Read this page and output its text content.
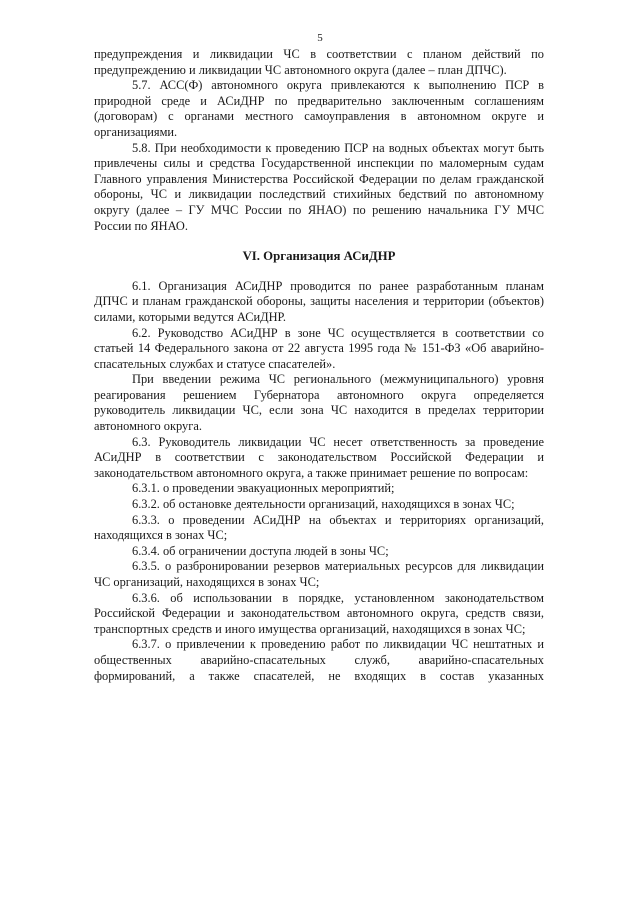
5

предупреждения и ликвидации ЧС в соответствии с планом действий по предупреждению и ликвидации ЧС автономного округа (далее – план ДПЧС).

5.7. АСС(Ф) автономного округа привлекаются к выполнению ПСР в природной среде и АСиДНР по предварительно заключенным соглашениям (договорам) с органами местного самоуправления в автономном округе и организациями.

5.8. При необходимости к проведению ПСР на водных объектах могут быть привлечены силы и средства Государственной инспекции по маломерным судам Главного управления Министерства Российской Федерации по делам гражданской обороны, ЧС и ликвидации последствий стихийных бедствий по автономному округу (далее – ГУ МЧС России по ЯНАО) по решению начальника ГУ МЧС России по ЯНАО.

VI. Организация АСиДНР

6.1. Организация АСиДНР проводится по ранее разработанным планам ДПЧС и планам гражданской обороны, защиты населения и территории (объектов) силами, которыми ведутся АСиДНР.

6.2. Руководство АСиДНР в зоне ЧС осуществляется в соответствии со статьей 14 Федерального закона от 22 августа 1995 года № 151-ФЗ «Об аварийно-спасательных службах и статусе спасателей».

При введении режима ЧС регионального (межмуниципального) уровня реагирования решением Губернатора автономного округа определяется руководитель ликвидации ЧС, если зона ЧС находится в пределах территории автономного округа.

6.3. Руководитель ликвидации ЧС несет ответственность за проведение АСиДНР в соответствии с законодательством Российской Федерации и законодательством автономного округа, а также принимает решение по вопросам:

6.3.1. о проведении эвакуационных мероприятий;

6.3.2. об остановке деятельности организаций, находящихся в зонах ЧС;

6.3.3. о проведении АСиДНР на объектах и территориях организаций, находящихся в зонах ЧС;

6.3.4. об ограничении доступа людей в зоны ЧС;

6.3.5. о разбронировании резервов материальных ресурсов для ликвидации ЧС организаций, находящихся в зонах ЧС;

6.3.6. об использовании в порядке, установленном законодательством Российской Федерации и законодательством автономного округа, средств связи, транспортных средств и иного имущества организаций, находящихся в зонах ЧС;

6.3.7. о привлечении к проведению работ по ликвидации ЧС нештатных и общественных аварийно-спасательных служб, аварийно-спасательных формирований, а также спасателей, не входящих в состав указанных
